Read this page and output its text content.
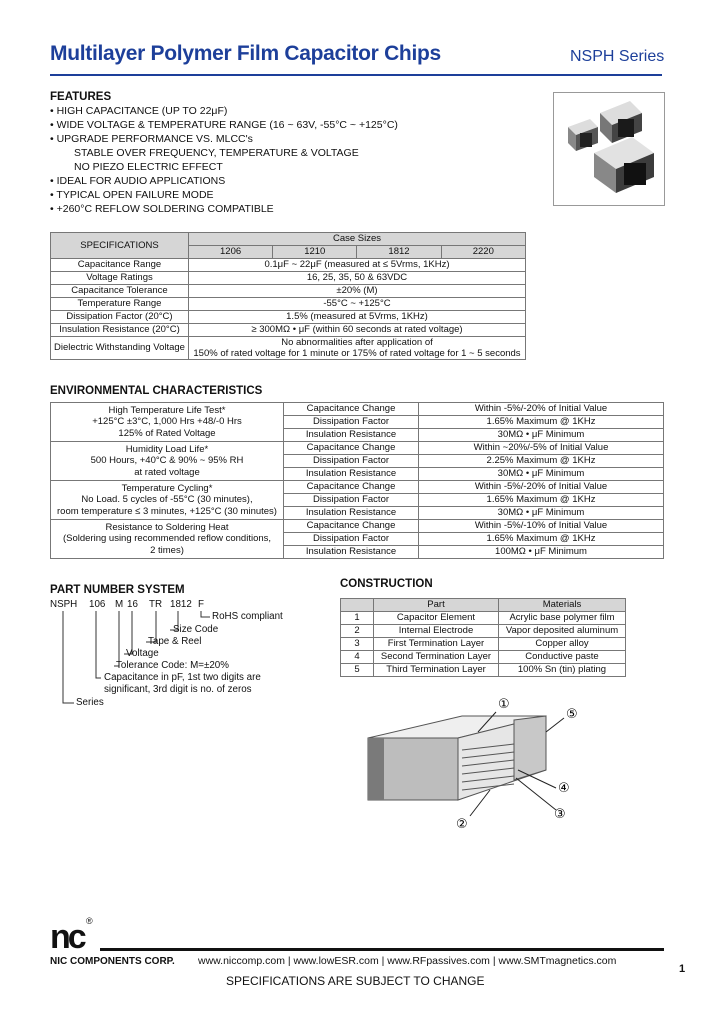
Multilayer Polymer Film Capacitor Chips	NSPH Series
FEATURES
• HIGH CAPACITANCE (UP TO 22μF)
• WIDE VOLTAGE & TEMPERATURE RANGE (16 ~ 63V, -55°C ~ +125°C)
• UPGRADE PERFORMANCE VS. MLCC's
STABLE OVER FREQUENCY, TEMPERATURE & VOLTAGE
NO PIEZO ELECTRIC EFFECT
• IDEAL FOR AUDIO APPLICATIONS
• TYPICAL OPEN FAILURE MODE
• +260°C REFLOW SOLDERING COMPATIBLE
SPECIFICATIONS	Case Sizes			
	1206	1210	1812	2220
Capacitance Range	0.1μF ~ 22μF (measured at ≤ 5Vrms, 1KHz)			
Voltage Ratings	16, 25, 35, 50 & 63VDC			
Capacitance Tolerance	±20% (M)			
Temperature Range	-55°C ~ +125°C			
Dissipation Factor (20°C)	1.5% (measured at 5Vrms, 1KHz)			
Insulation Resistance (20°C)	≥ 300MΩ • μF (within 60 seconds at rated voltage)			
Dielectric Withstanding Voltage	No abnormalities after application of
150% of rated voltage for 1 minute or 175% of rated voltage for 1 ~ 5 seconds			
ENVIRONMENTAL CHARACTERISTICS
High Temperature Life Test*
+125°C ±3°C, 1,000 Hrs +48/-0 Hrs
125% of Rated Voltage	Capacitance Change	Within -5%/-20% of Initial Value
	Dissipation Factor	1.65% Maximum @ 1KHz
	Insulation Resistance	30MΩ • μF Minimum

Humidity Load Life*
500 Hours, +40°C & 90% ~ 95% RH
at rated voltage	Capacitance Change	Within ~20%/-5% of Initial Value
	Dissipation Factor	2.25% Maximum @ 1KHz
	Insulation Resistance	30MΩ • μF Minimum

Temperature Cycling*
No Load. 5 cycles of -55°C (30 minutes),
room temperature ≤ 3 minutes, +125°C (30 minutes)	Capacitance Change	Within -5%/-20% of Initial Value
	Dissipation Factor	1.65% Maximum @ 1KHz
	Insulation Resistance	30MΩ • μF Minimum

Resistance to Soldering Heat
(Soldering using recommended reflow conditions,
2 times)	Capacitance Change	Within -5%/-10% of Initial Value
	Dissipation Factor	1.65% Maximum @ 1KHz
	Insulation Resistance	100MΩ • μF Minimum
PART NUMBER SYSTEM
NSPH 106 M 16 TR 1812 F
RoHS compliant
Size Code
Tape & Reel
Voltage
Tolerance Code: M=±20%
Capacitance in pF, 1st two digits are
significant, 3rd digit is no. of zeros
Series
CONSTRUCTION
	Part	Materials
1	Capacitor Element	Acrylic base polymer film
2	Internal Electrode	Vapor deposited aluminum
3	First Termination Layer	Copper alloy
4	Second Termination Layer	Conductive paste
5	Third Termination Layer	100% Sn (tin) plating
①
②
③
④
⑤
nc ®
NIC COMPONENTS CORP. www.niccomp.com | www.lowESR.com | www.RFpassives.com | www.SMTmagnetics.com
1
SPECIFICATIONS ARE SUBJECT TO CHANGE
